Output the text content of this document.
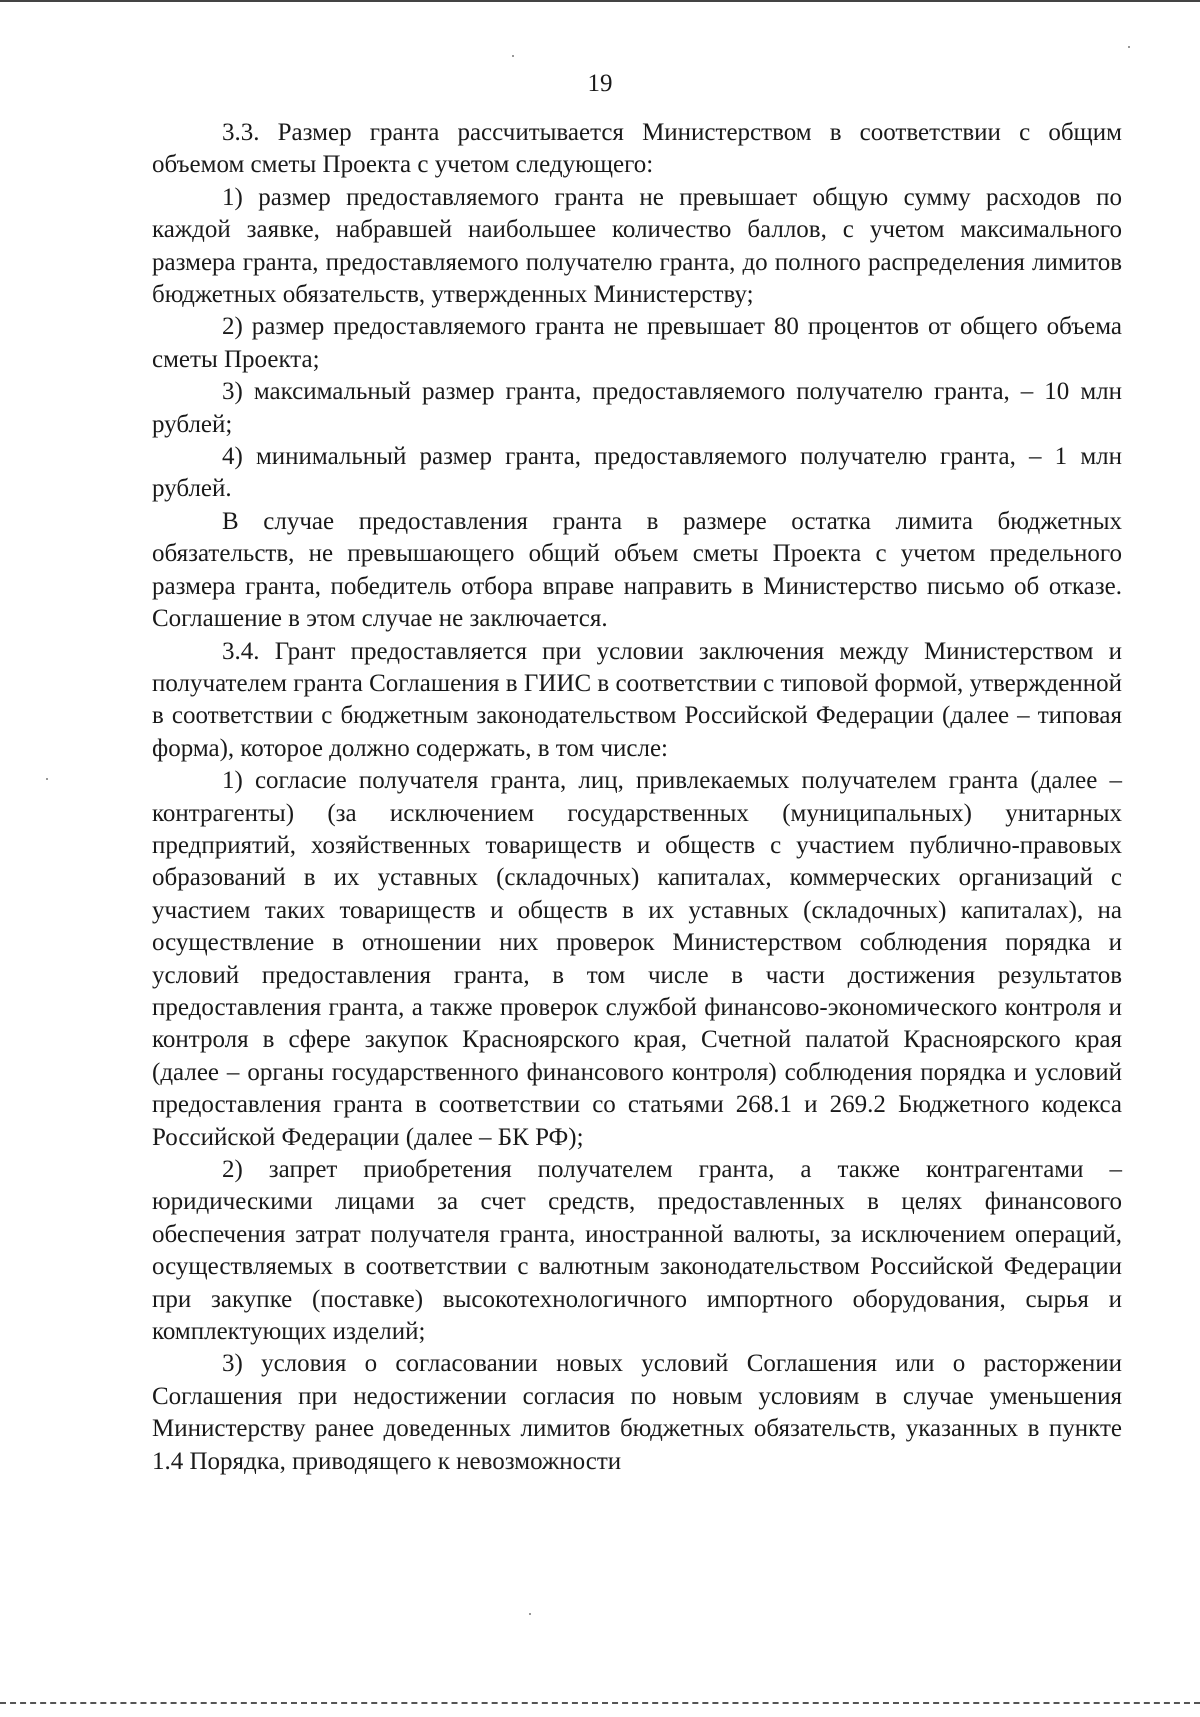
19

3.3. Размер гранта рассчитывается Министерством в соответствии с общим объемом сметы Проекта с учетом следующего:

1) размер предоставляемого гранта не превышает общую сумму расходов по каждой заявке, набравшей наибольшее количество баллов, с учетом максимального размера гранта, предоставляемого получателю гранта, до полного распределения лимитов бюджетных обязательств, утвержденных Министерству;

2) размер предоставляемого гранта не превышает 80 процентов от общего объема сметы Проекта;

3) максимальный размер гранта, предоставляемого получателю гранта, – 10 млн рублей;

4) минимальный размер гранта, предоставляемого получателю гранта, – 1 млн рублей.

В случае предоставления гранта в размере остатка лимита бюджетных обязательств, не превышающего общий объем сметы Проекта с учетом предельного размера гранта, победитель отбора вправе направить в Министерство письмо об отказе. Соглашение в этом случае не заключается.

3.4. Грант предоставляется при условии заключения между Министерством и получателем гранта Соглашения в ГИИС в соответствии с типовой формой, утвержденной в соответствии с бюджетным законодательством Российской Федерации (далее – типовая форма), которое должно содержать, в том числе:

1) согласие получателя гранта, лиц, привлекаемых получателем гранта (далее – контрагенты) (за исключением государственных (муниципальных) унитарных предприятий, хозяйственных товариществ и обществ с участием публично-правовых образований в их уставных (складочных) капиталах, коммерческих организаций с участием таких товариществ и обществ в их уставных (складочных) капиталах), на осуществление в отношении них проверок Министерством соблюдения порядка и условий предоставления гранта, в том числе в части достижения результатов предоставления гранта, а также проверок службой финансово-экономического контроля и контроля в сфере закупок Красноярского края, Счетной палатой Красноярского края (далее – органы государственного финансового контроля) соблюдения порядка и условий предоставления гранта в соответствии со статьями 268.1 и 269.2 Бюджетного кодекса Российской Федерации (далее – БК РФ);

2) запрет приобретения получателем гранта, а также контрагентами – юридическими лицами за счет средств, предоставленных в целях финансового обеспечения затрат получателя гранта, иностранной валюты, за исключением операций, осуществляемых в соответствии с валютным законодательством Российской Федерации при закупке (поставке) высокотехнологичного импортного оборудования, сырья и комплектующих изделий;

3) условия о согласовании новых условий Соглашения или о расторжении Соглашения при недостижении согласия по новым условиям в случае уменьшения Министерству ранее доведенных лимитов бюджетных обязательств, указанных в пункте 1.4 Порядка, приводящего к невозможности
